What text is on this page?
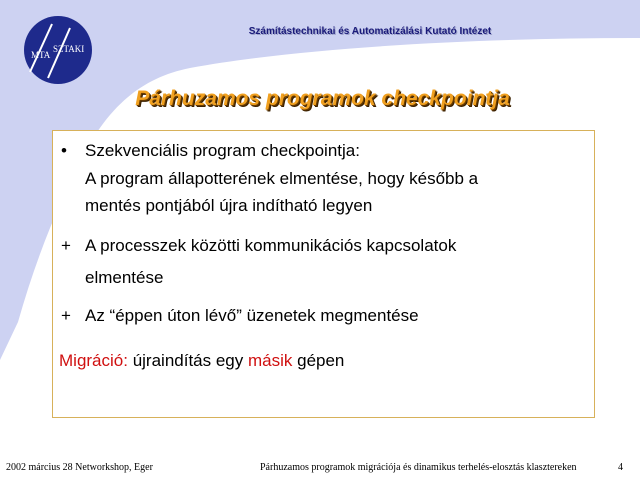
MTA
SZTAKI
Számítástechnikai és Automatizálási Kutató Intézet
Párhuzamos programok checkpointja
• Szekvenciális program checkpointja:
A program állapotterének elmentése, hogy később a
mentés pontjából újra indítható legyen
+ A processzek közötti kommunikációs kapcsolatok
elmentése
+ Az “éppen úton lévő” üzenetek megmentése
Migráció: újraindítás egy másik gépen
2002 március 28 Networkshop, Eger	Párhuzamos programok migrációja és dinamikus terhelés-elosztás klasztereken	4
